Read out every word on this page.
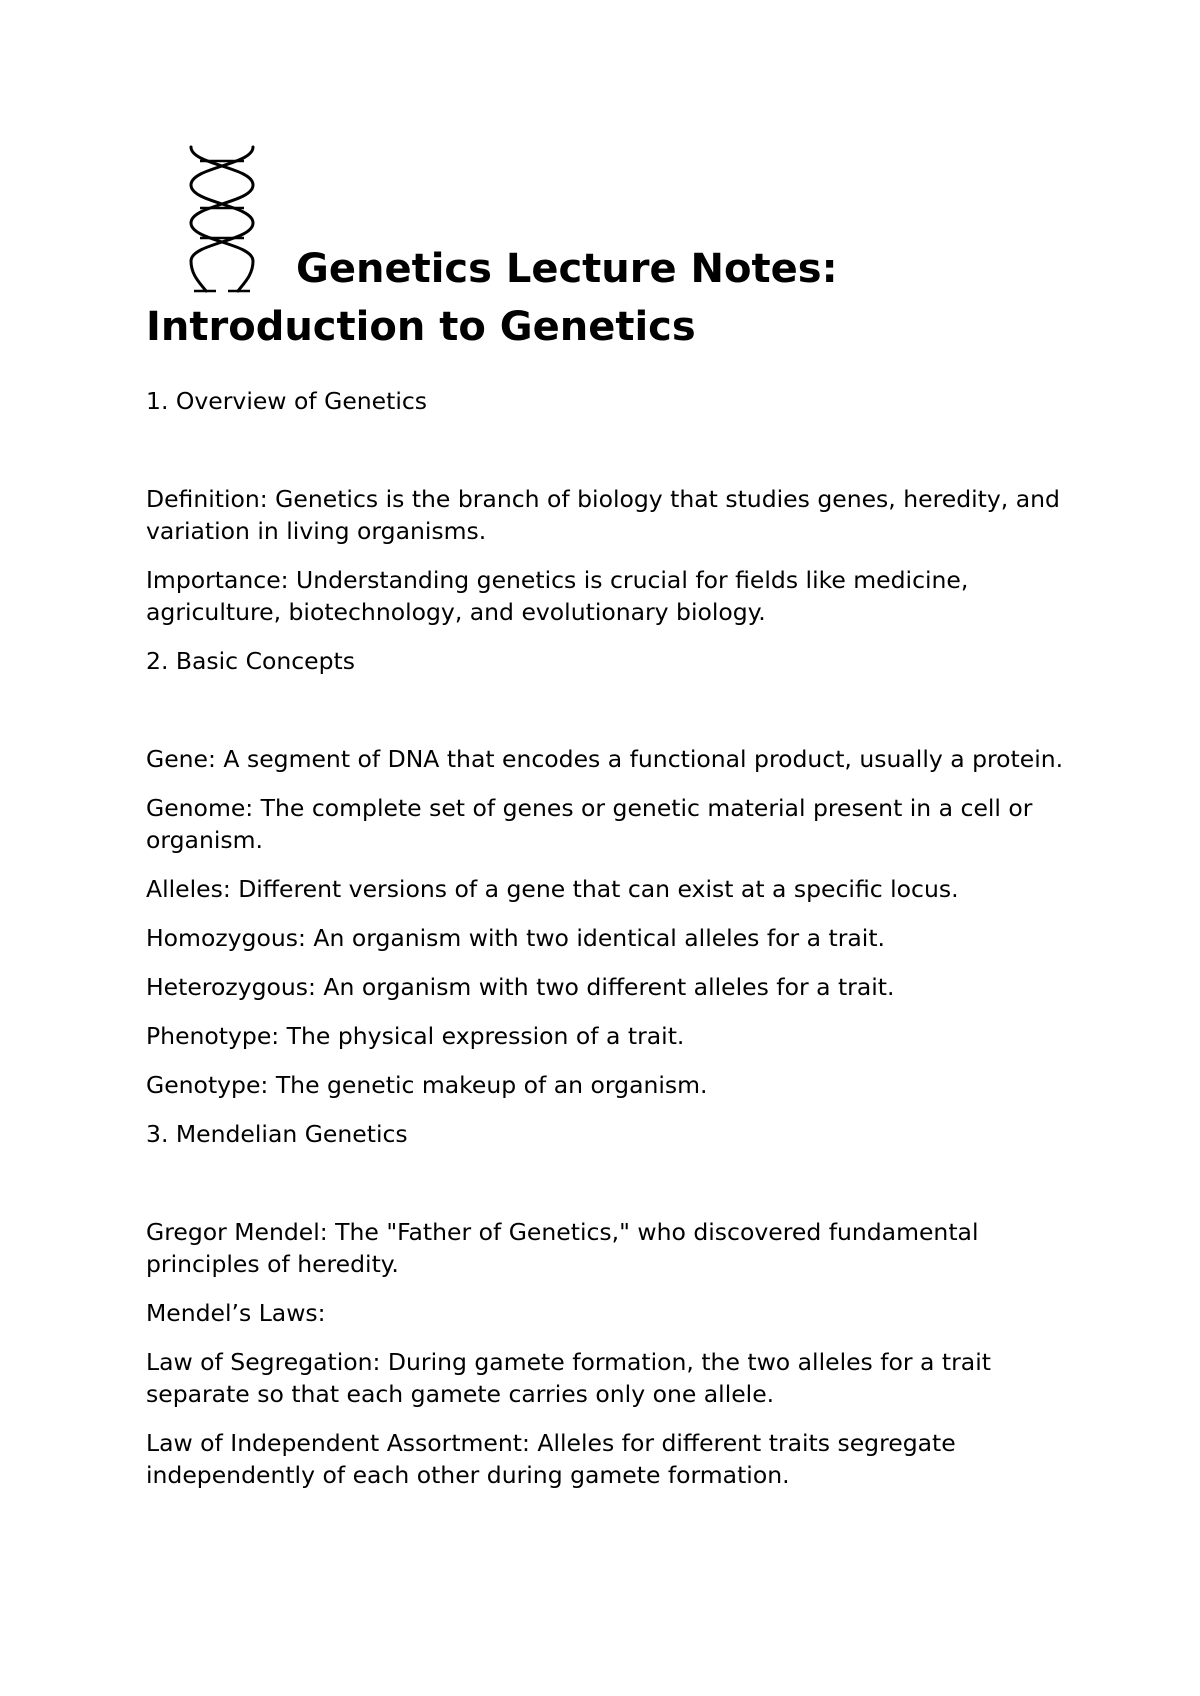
Genetics Lecture Notes:
Introduction to Genetics

1. Overview of Genetics

Definition: Genetics is the branch of biology that studies genes, heredity, and variation in living organisms.

Importance: Understanding genetics is crucial for fields like medicine, agriculture, biotechnology, and evolutionary biology.

2. Basic Concepts

Gene: A segment of DNA that encodes a functional product, usually a protein.

Genome: The complete set of genes or genetic material present in a cell or organism.

Alleles: Different versions of a gene that can exist at a specific locus.

Homozygous: An organism with two identical alleles for a trait.

Heterozygous: An organism with two different alleles for a trait.

Phenotype: The physical expression of a trait.

Genotype: The genetic makeup of an organism.

3. Mendelian Genetics

Gregor Mendel: The "Father of Genetics," who discovered fundamental principles of heredity.

Mendel’s Laws:

Law of Segregation: During gamete formation, the two alleles for a trait separate so that each gamete carries only one allele.

Law of Independent Assortment: Alleles for different traits segregate independently of each other during gamete formation.
